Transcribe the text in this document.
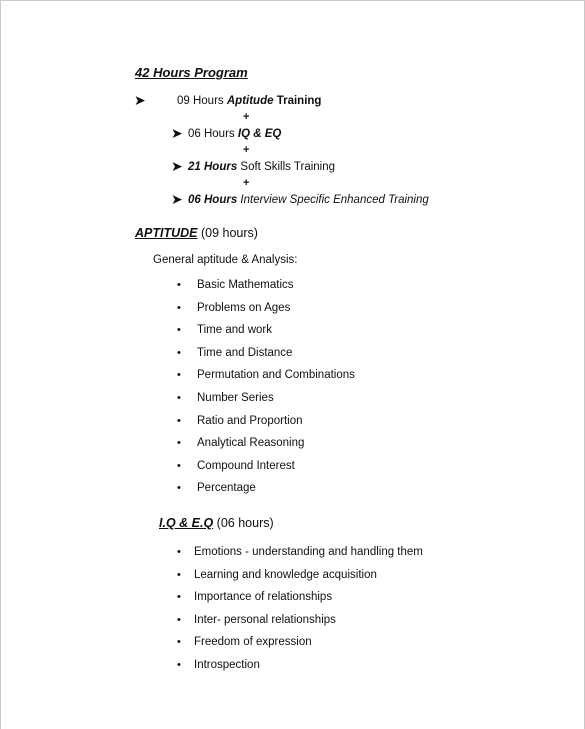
42 Hours Program
➤	09 Hours Aptitude Training
+
➤ 06 Hours IQ & EQ
+
➤ 21 Hours Soft Skills Training
+
➤ 06 Hours Interview Specific Enhanced Training
APTITUDE (09 hours)
General aptitude & Analysis:
• Basic Mathematics
• Problems on Ages
• Time and work
• Time and Distance
• Permutation and Combinations
• Number Series
• Ratio and Proportion
• Analytical Reasoning
• Compound Interest
• Percentage
I.Q & E.Q (06 hours)
• Emotions - understanding and handling them
• Learning and knowledge acquisition
• Importance of relationships
• Inter- personal relationships
• Freedom of expression
• Introspection
